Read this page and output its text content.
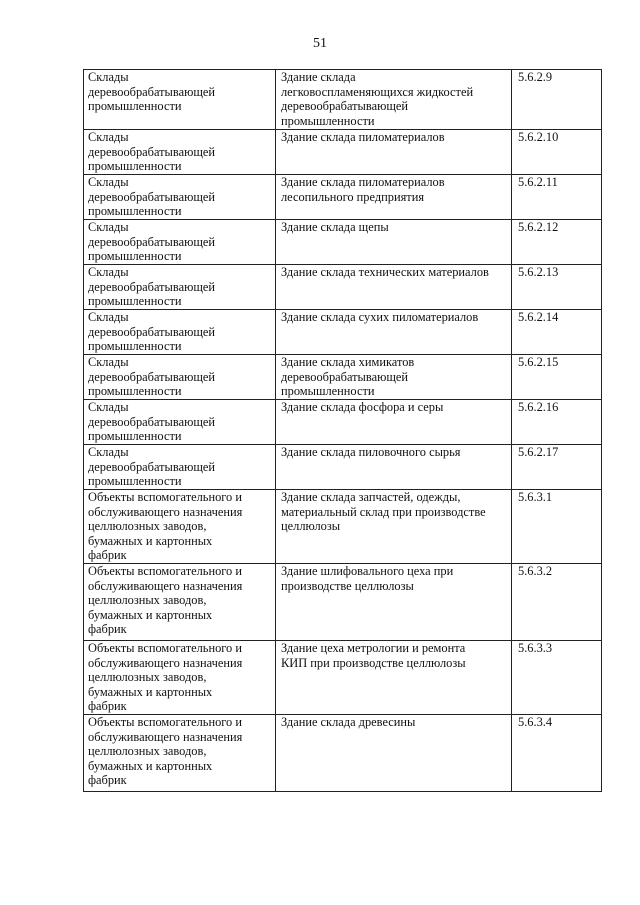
51
Склады
деревообрабатывающей
промышленности	Здание склада
легковоспламеняющихся жидкостей
деревообрабатывающей
промышленности	5.6.2.9

Склады
деревообрабатывающей
промышленности	Здание склада пиломатериалов	5.6.2.10

Склады
деревообрабатывающей
промышленности	Здание склада пиломатериалов
лесопильного предприятия	5.6.2.11

Склады
деревообрабатывающей
промышленности	Здание склада щепы	5.6.2.12

Склады
деревообрабатывающей
промышленности	Здание склада технических материалов	5.6.2.13

Склады
деревообрабатывающей
промышленности	Здание склада сухих пиломатериалов	5.6.2.14

Склады
деревообрабатывающей
промышленности	Здание склада химикатов
деревообрабатывающей
промышленности	5.6.2.15

Склады
деревообрабатывающей
промышленности	Здание склада фосфора и серы	5.6.2.16

Склады
деревообрабатывающей
промышленности	Здание склада пиловочного сырья	5.6.2.17

Объекты вспомогательного и
обслуживающего назначения
целлюлозных заводов,
бумажных и картонных
фабрик	Здание склада запчастей, одежды,
материальный склад при производстве
целлюлозы	5.6.3.1

Объекты вспомогательного и
обслуживающего назначения
целлюлозных заводов,
бумажных и картонных
фабрик	Здание шлифовального цеха при
производстве целлюлозы	5.6.3.2

Объекты вспомогательного и
обслуживающего назначения
целлюлозных заводов,
бумажных и картонных
фабрик	Здание цеха метрологии и ремонта
КИП при производстве целлюлозы	5.6.3.3

Объекты вспомогательного и
обслуживающего назначения
целлюлозных заводов,
бумажных и картонных
фабрик	Здание склада древесины	5.6.3.4
